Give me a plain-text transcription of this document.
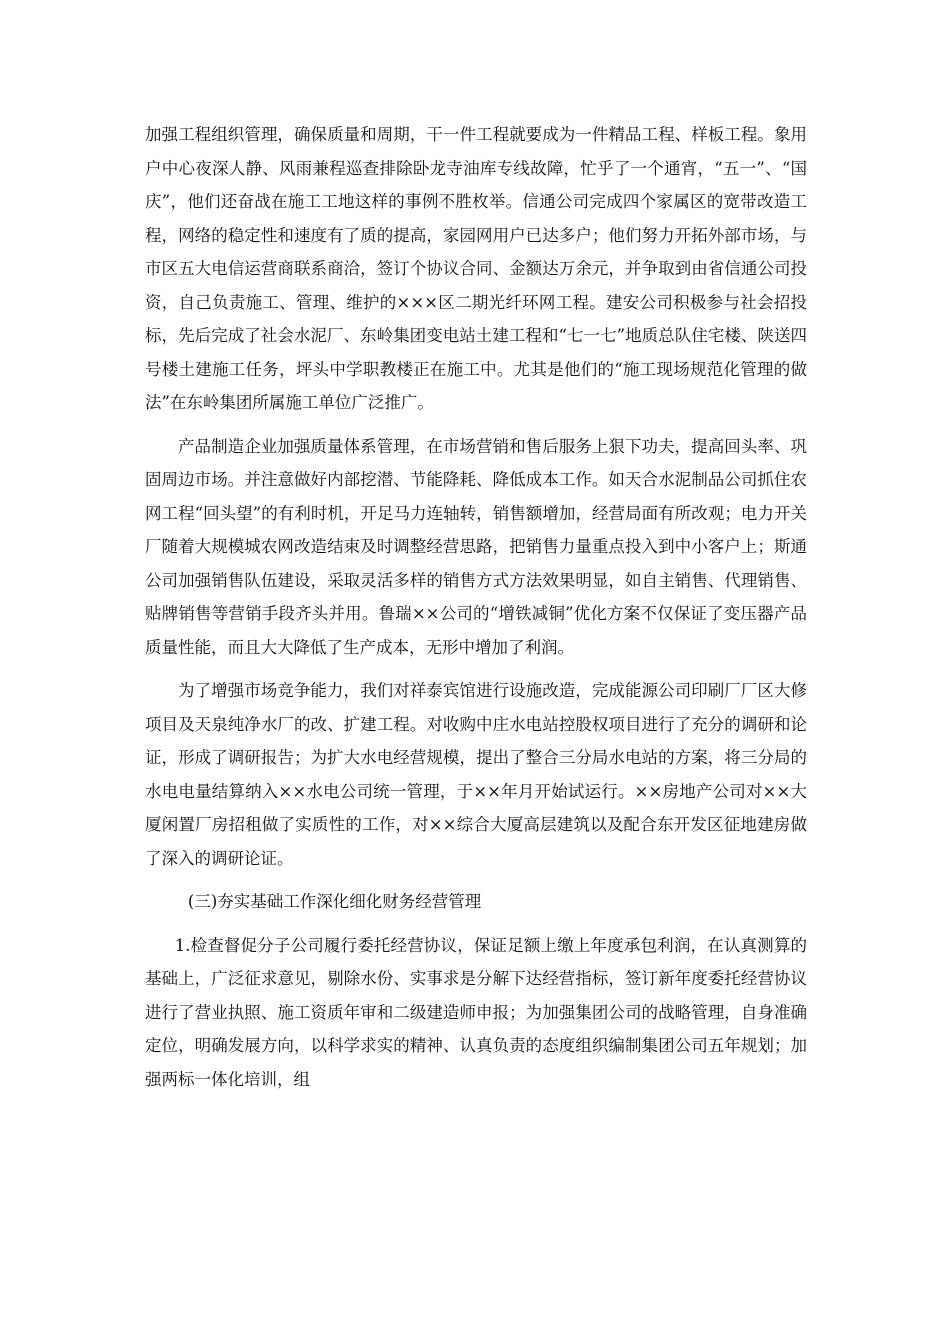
加强工程组织管理，确保质量和周期，干一件工程就要成为一件精品工程、样板工程。象用户中心夜深人静、风雨兼程巡查排除卧龙寺油库专线故障，忙乎了一个通宵，“五一”、“国庆”，他们还奋战在施工工地这样的事例不胜枚举。信通公司完成四个家属区的宽带改造工程，网络的稳定性和速度有了质的提高，家园网用户已达多户；他们努力开拓外部市场，与市区五大电信运营商联系商洽，签订个协议合同、金额达万余元，并争取到由省信通公司投资，自己负责施工、管理、维护的×××区二期光纤环网工程。建安公司积极参与社会招投标，先后完成了社会水泥厂、东岭集团变电站土建工程和“七一七”地质总队住宅楼、陕送四号楼土建施工任务，坪头中学职教楼正在施工中。尤其是他们的“施工现场规范化管理的做法”在东岭集团所属施工单位广泛推广。

产品制造企业加强质量体系管理，在市场营销和售后服务上狠下功夫，提高回头率、巩固周边市场。并注意做好内部挖潜、节能降耗、降低成本工作。如天合水泥制品公司抓住农网工程“回头望”的有利时机，开足马力连轴转，销售额增加，经营局面有所改观；电力开关厂随着大规模城农网改造结束及时调整经营思路，把销售力量重点投入到中小客户上；斯通公司加强销售队伍建设，采取灵活多样的销售方式方法效果明显，如自主销售、代理销售、贴牌销售等营销手段齐头并用。鲁瑞××公司的“增铁减铜”优化方案不仅保证了变压器产品质量性能，而且大大降低了生产成本，无形中增加了利润。

为了增强市场竞争能力，我们对祥泰宾馆进行设施改造，完成能源公司印刷厂厂区大修项目及天泉纯净水厂的改、扩建工程。对收购中庄水电站控股权项目进行了充分的调研和论证，形成了调研报告；为扩大水电经营规模，提出了整合三分局水电站的方案，将三分局的水电电量结算纳入××水电公司统一管理，于××年月开始试运行。××房地产公司对××大厦闲置厂房招租做了实质性的工作，对××综合大厦高层建筑以及配合东开发区征地建房做了深入的调研论证。

(三)夯实基础工作深化细化财务经营管理

1.检查督促分子公司履行委托经营协议，保证足额上缴上年度承包利润，在认真测算的基础上，广泛征求意见，剔除水份、实事求是分解下达经营指标，签订新年度委托经营协议进行了营业执照、施工资质年审和二级建造师申报；为加强集团公司的战略管理，自身准确定位，明确发展方向，以科学求实的精神、认真负责的态度组织编制集团公司五年规划；加强两标一体化培训，组
